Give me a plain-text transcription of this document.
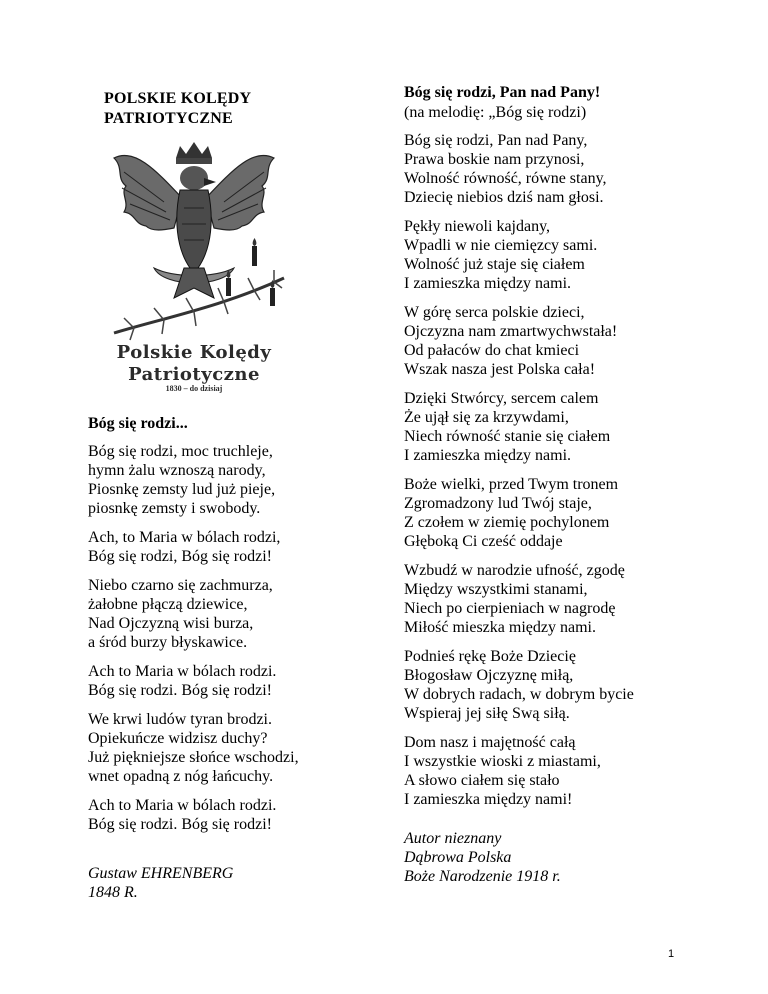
POLSKIE KOLĘDY
PATRIOTYCZNE
Polskie Kolędy
Patriotyczne
1830 – do dzisiaj
Bóg się rodzi...
Bóg się rodzi, moc truchleje,
hymn żalu wznoszą narody,
Piosnkę zemsty lud już pieje,
piosnkę zemsty i swobody.
Ach, to Maria w bólach rodzi,
Bóg się rodzi, Bóg się rodzi!
Niebo czarno się zachmurza,
żałobne płączą dziewice,
Nad Ojczyzną wisi burza,
a śród burzy błyskawice.
Ach to Maria w bólach rodzi.
Bóg się rodzi. Bóg się rodzi!
We krwi ludów tyran brodzi.
Opiekuńcze widzisz duchy?
Już piękniejsze słońce wschodzi,
wnet opadną z nóg łańcuchy.
Ach to Maria w bólach rodzi.
Bóg się rodzi. Bóg się rodzi!
Gustaw EHRENBERG
1848 R.
Bóg się rodzi, Pan nad Pany!
(na melodię: „Bóg się rodzi)
Bóg się rodzi, Pan nad Pany,
Prawa boskie nam przynosi,
Wolność równość, równe stany,
Dziecię niebios dziś nam głosi.
Pękły niewoli kajdany,
Wpadli w nie ciemięzcy sami.
Wolność już staje się ciałem
I zamieszka między nami.
W górę serca polskie dzieci,
Ojczyzna nam zmartwychwstała!
Od pałaców do chat kmieci
Wszak nasza jest Polska cała!
Dzięki Stwórcy, sercem calem
Że ujął się za krzywdami,
Niech równość stanie się ciałem
I zamieszka między nami.
Boże wielki, przed Twym tronem
Zgromadzony lud Twój staje,
Z czołem w ziemię pochylonem
Głęboką Ci cześć oddaje
Wzbudź w narodzie ufność, zgodę
Między wszystkimi stanami,
Niech po cierpieniach w nagrodę
Miłość mieszka między nami.
Podnieś rękę Boże Dziecię
Błogosław Ojczyznę miłą,
W dobrych radach, w dobrym bycie
Wspieraj jej siłę Swą siłą.
Dom nasz i majętność całą
I wszystkie wioski z miastami,
A słowo ciałem się stało
I zamieszka między nami!
Autor nieznany
Dąbrowa Polska
Boże Narodzenie 1918 r.
1
